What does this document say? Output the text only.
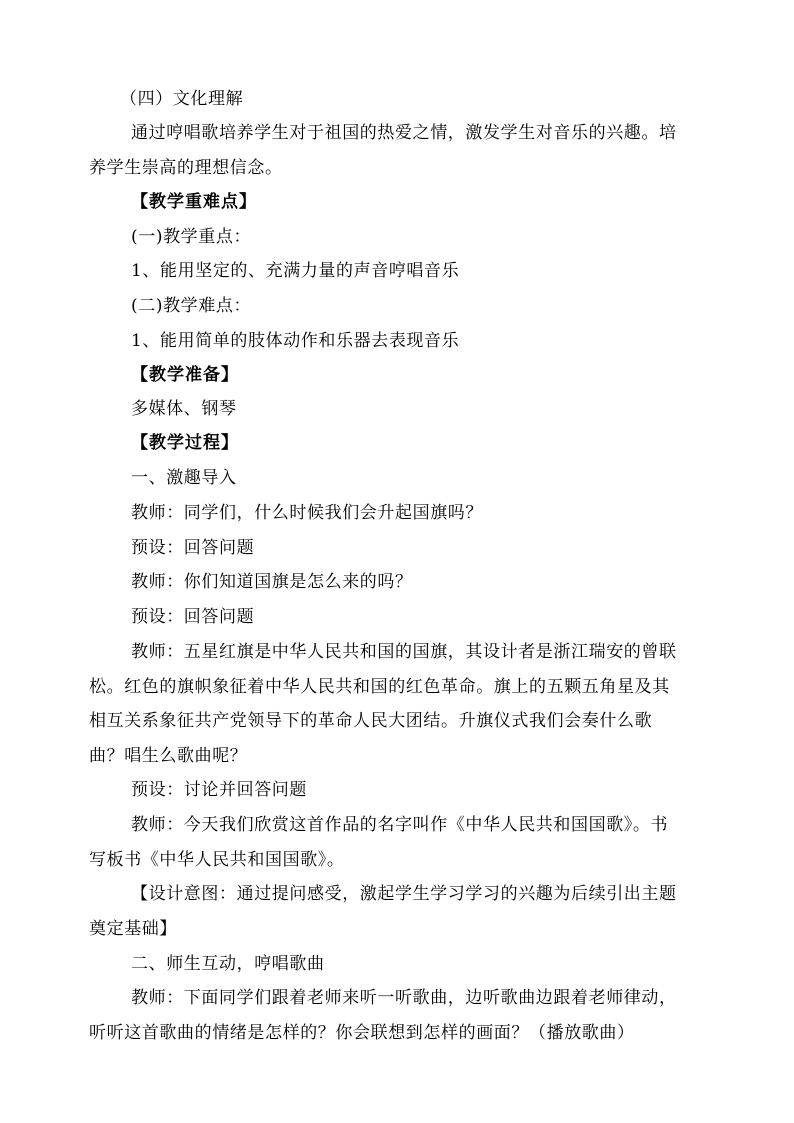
（四）文化理解
通过哼唱歌培养学生对于祖国的热爱之情，激发学生对音乐的兴趣。培
养学生崇高的理想信念。
【教学重难点】
(一)教学重点：
1、能用坚定的、充满力量的声音哼唱音乐
(二)教学难点：
1、能用简单的肢体动作和乐器去表现音乐
【教学准备】
多媒体、钢琴
【教学过程】
一、激趣导入
教师：同学们，什么时候我们会升起国旗吗？
预设：回答问题
教师：你们知道国旗是怎么来的吗？
预设：回答问题
教师：五星红旗是中华人民共和国的国旗，其设计者是浙江瑞安的曾联
松。红色的旗帜象征着中华人民共和国的红色革命。旗上的五颗五角星及其
相互关系象征共产党领导下的革命人民大团结。升旗仪式我们会奏什么歌
曲？唱生么歌曲呢？
预设：讨论并回答问题
教师：今天我们欣赏这首作品的名字叫作《中华人民共和国国歌》。书
写板书《中华人民共和国国歌》。
【设计意图：通过提问感受，激起学生学习学习的兴趣为后续引出主题
奠定基础】
二、师生互动，哼唱歌曲
教师：下面同学们跟着老师来听一听歌曲，边听歌曲边跟着老师律动，
听听这首歌曲的情绪是怎样的？你会联想到怎样的画面？（播放歌曲）
